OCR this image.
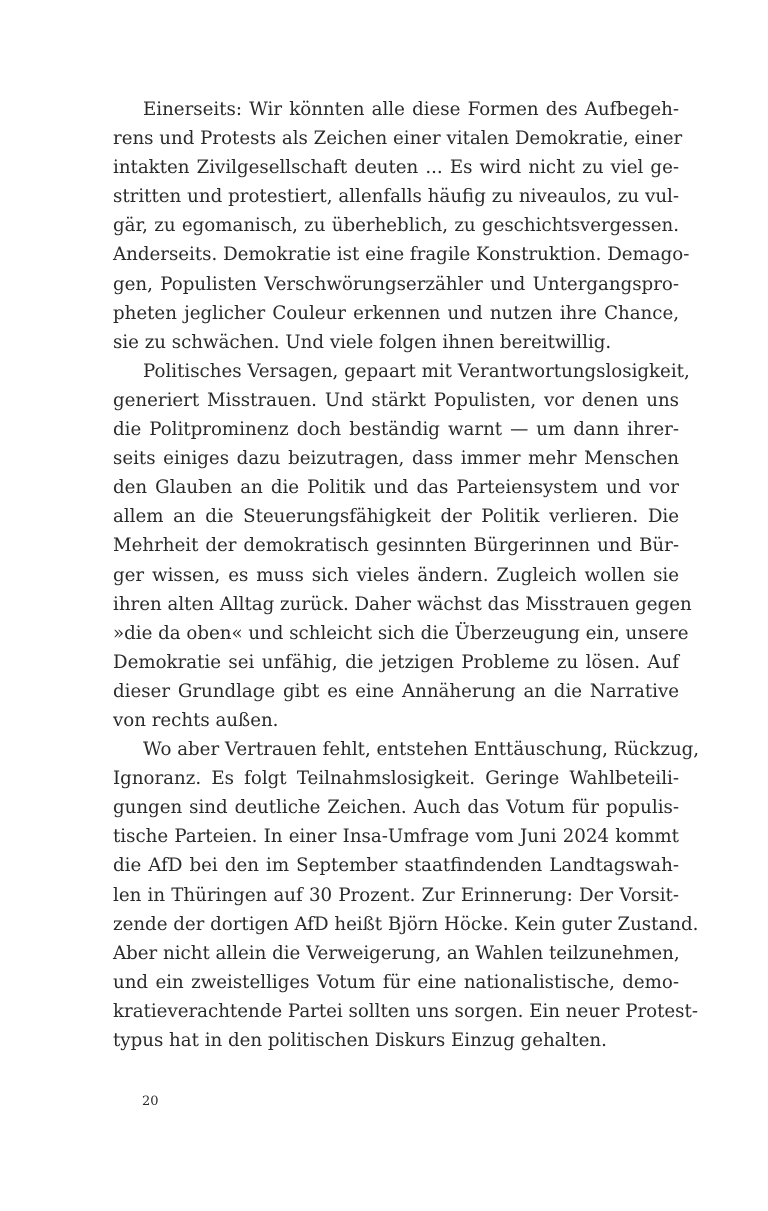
Einerseits: Wir könnten alle diese Formen des Aufbegeh-
rens und Protests als Zeichen einer vitalen Demokratie, einer
intakten Zivilgesellschaft deuten ... Es wird nicht zu viel ge-
stritten und protestiert, allenfalls häufig zu niveaulos, zu vul-
gär, zu egomanisch, zu überheblich, zu geschichtsvergessen.
Anderseits. Demokratie ist eine fragile Konstruktion. Demago-
gen, Populisten Verschwörungserzähler und Untergangspro-
pheten jeglicher Couleur erkennen und nutzen ihre Chance,
sie zu schwächen. Und viele folgen ihnen bereitwillig.
Politisches Versagen, gepaart mit Verantwortungslosigkeit,
generiert Misstrauen. Und stärkt Populisten, vor denen uns
die Politprominenz doch beständig warnt — um dann ihrer-
seits einiges dazu beizutragen, dass immer mehr Menschen
den Glauben an die Politik und das Parteiensystem und vor
allem an die Steuerungsfähigkeit der Politik verlieren. Die
Mehrheit der demokratisch gesinnten Bürgerinnen und Bür-
ger wissen, es muss sich vieles ändern. Zugleich wollen sie
ihren alten Alltag zurück. Daher wächst das Misstrauen gegen
»die da oben« und schleicht sich die Überzeugung ein, unsere
Demokratie sei unfähig, die jetzigen Probleme zu lösen. Auf
dieser Grundlage gibt es eine Annäherung an die Narrative
von rechts außen.
Wo aber Vertrauen fehlt, entstehen Enttäuschung, Rückzug,
Ignoranz. Es folgt Teilnahmslosigkeit. Geringe Wahlbeteili-
gungen sind deutliche Zeichen. Auch das Votum für populis-
tische Parteien. In einer Insa-Umfrage vom Juni 2024 kommt
die AfD bei den im September staatfindenden Landtagswah-
len in Thüringen auf 30 Prozent. Zur Erinnerung: Der Vorsit-
zende der dortigen AfD heißt Björn Höcke. Kein guter Zustand.
Aber nicht allein die Verweigerung, an Wahlen teilzunehmen,
und ein zweistelliges Votum für eine nationalistische, demo-
kratieverachtende Partei sollten uns sorgen. Ein neuer Protest-
typus hat in den politischen Diskurs Einzug gehalten.
20
